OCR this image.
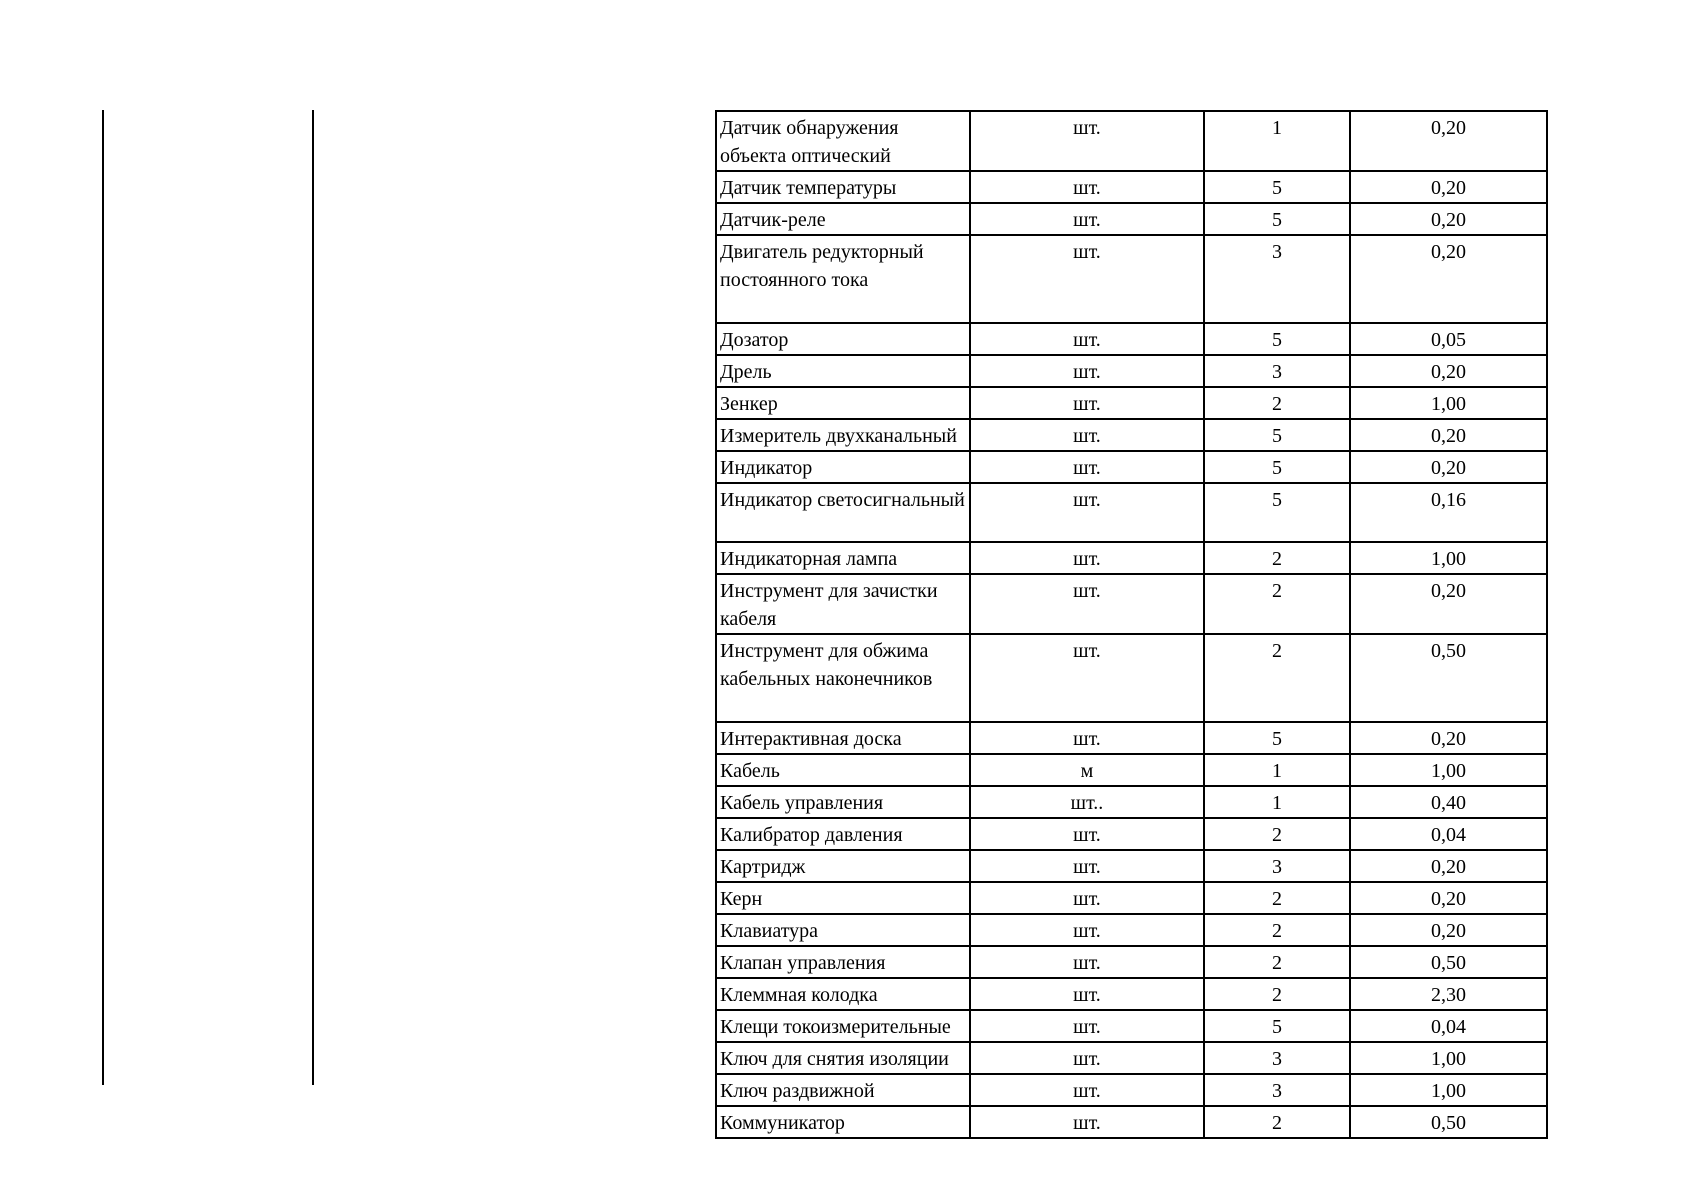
Датчик обнаружения объекта оптический	шт.	1	0,20
Датчик температуры	шт.	5	0,20
Датчик-реле	шт.	5	0,20
Двигатель редукторный постоянного тока	шт.	3	0,20
Дозатор	шт.	5	0,05
Дрель	шт.	3	0,20
Зенкер	шт.	2	1,00
Измеритель двухканальный	шт.	5	0,20
Индикатор	шт.	5	0,20
Индикатор светосигнальный	шт.	5	0,16
Индикаторная лампа	шт.	2	1,00
Инструмент для зачистки кабеля	шт.	2	0,20
Инструмент для обжима кабельных наконечников	шт.	2	0,50
Интерактивная доска	шт.	5	0,20
Кабель	м	1	1,00
Кабель управления	шт..	1	0,40
Калибратор давления	шт.	2	0,04
Картридж	шт.	3	0,20
Керн	шт.	2	0,20
Клавиатура	шт.	2	0,20
Клапан управления	шт.	2	0,50
Клеммная колодка	шт.	2	2,30
Клещи токоизмерительные	шт.	5	0,04
Ключ для снятия изоляции	шт.	3	1,00
Ключ раздвижной	шт.	3	1,00
Коммуникатор	шт.	2	0,50
